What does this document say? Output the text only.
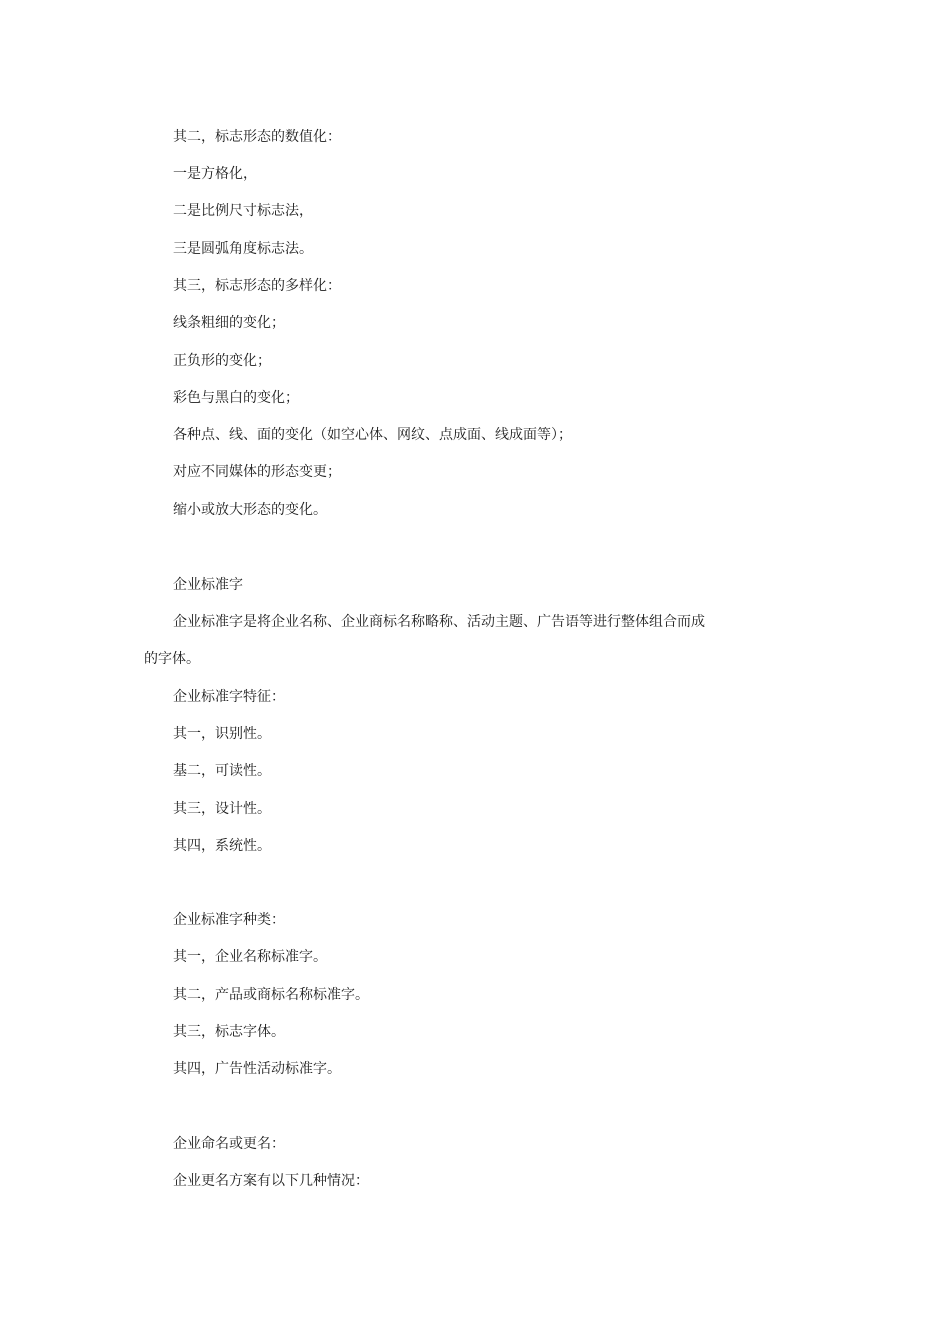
其二，标志形态的数值化：
一是方格化，
二是比例尺寸标志法，
三是圆弧角度标志法。
其三，标志形态的多样化：
线条粗细的变化；
正负形的变化；
彩色与黑白的变化；
各种点、线、面的变化（如空心体、网纹、点成面、线成面等）；
对应不同媒体的形态变更；
缩小或放大形态的变化。
企业标准字
企业标准字是将企业名称、企业商标名称略称、活动主题、广告语等进行整体组合而成
的字体。
企业标准字特征：
其一，识别性。
基二，可读性。
其三，设计性。
其四，系统性。
企业标准字种类：
其一，企业名称标准字。
其二，产品或商标名称标准字。
其三，标志字体。
其四，广告性活动标准字。
企业命名或更名：
企业更名方案有以下几种情况：
